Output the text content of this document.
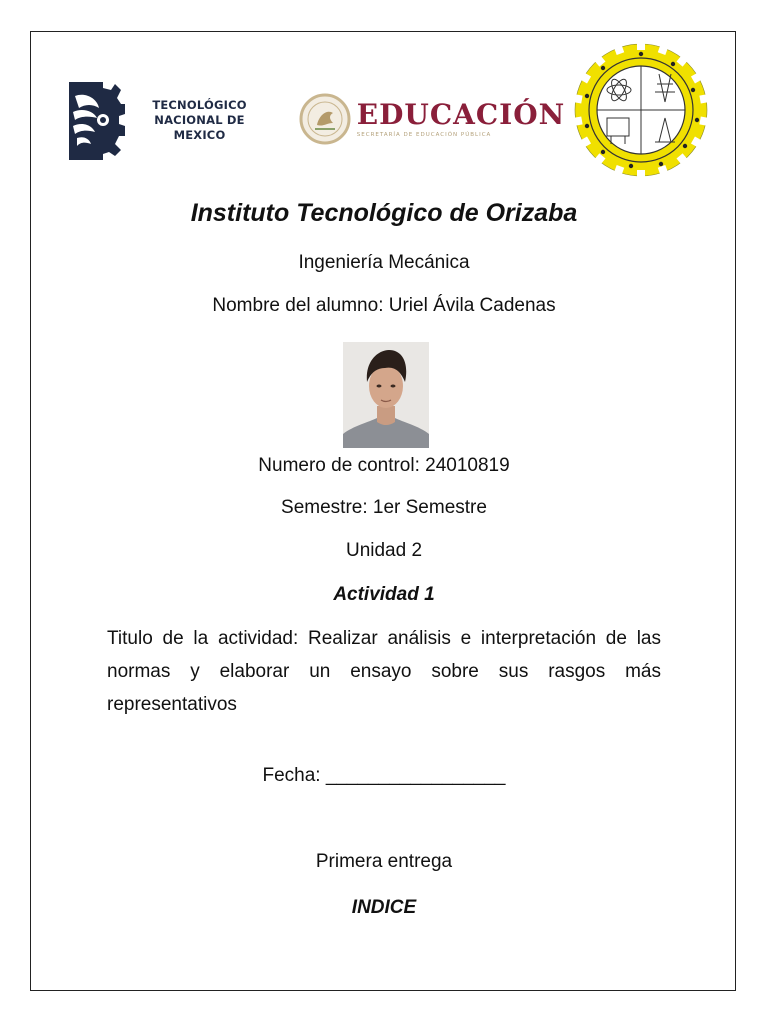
TECNOLÓGICO
NACIONAL DE MEXICO
EDUCACIÓN
SECRETARÍA DE EDUCACIÓN PÚBLICA
Instituto Tecnológico de Orizaba
Ingeniería Mecánica
Nombre del alumno: Uriel Ávila Cadenas
Numero de control: 24010819
Semestre: 1er Semestre
Unidad 2
Actividad 1
Titulo de la actividad: Realizar análisis e interpretación de las normas y elaborar un ensayo sobre sus rasgos más representativos
Fecha: _________________
Primera entrega
INDICE
